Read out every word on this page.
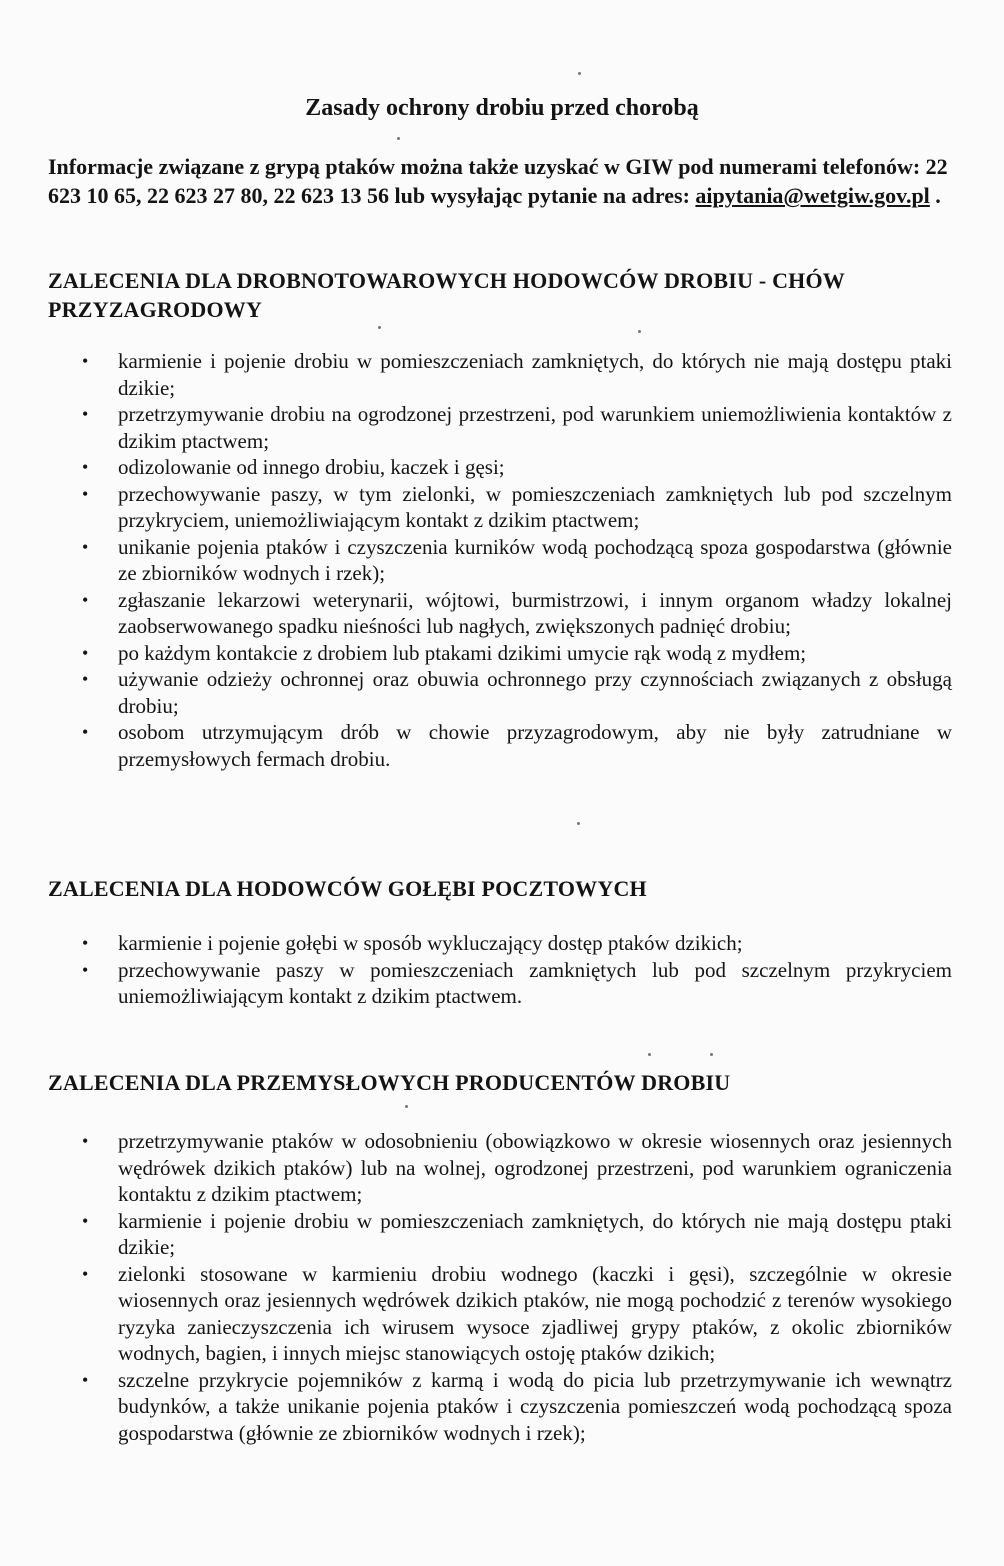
Zasady ochrony drobiu przed chorobą
Informacje związane z grypą ptaków można także uzyskać w GIW pod numerami telefonów: 22 623 10 65, 22 623 27 80, 22 623 13 56 lub wysyłając pytanie na adres: aipytania@wetgiw.gov.pl .
ZALECENIA DLA DROBNOTOWAROWYCH HODOWCÓW DROBIU - CHÓW PRZYZAGRODOWY
• karmienie i pojenie drobiu w pomieszczeniach zamkniętych, do których nie mają dostępu ptaki dzikie;
• przetrzymywanie drobiu na ogrodzonej przestrzeni, pod warunkiem uniemożliwienia kontaktów z dzikim ptactwem;
• odizolowanie od innego drobiu, kaczek i gęsi;
• przechowywanie paszy, w tym zielonki, w pomieszczeniach zamkniętych lub pod szczelnym przykryciem, uniemożliwiającym kontakt z dzikim ptactwem;
• unikanie pojenia ptaków i czyszczenia kurników wodą pochodzącą spoza gospodarstwa (głównie ze zbiorników wodnych i rzek);
• zgłaszanie lekarzowi weterynarii, wójtowi, burmistrzowi, i innym organom władzy lokalnej zaobserwowanego spadku nieśności lub nagłych, zwiększonych padnięć drobiu;
• po każdym kontakcie z drobiem lub ptakami dzikimi umycie rąk wodą z mydłem;
• używanie odzieży ochronnej oraz obuwia ochronnego przy czynnościach związanych z obsługą drobiu;
• osobom utrzymującym drób w chowie przyzagrodowym, aby nie były zatrudniane w przemysłowych fermach drobiu.
ZALECENIA DLA HODOWCÓW GOŁĘBI POCZTOWYCH
• karmienie i pojenie gołębi w sposób wykluczający dostęp ptaków dzikich;
• przechowywanie paszy w pomieszczeniach zamkniętych lub pod szczelnym przykryciem uniemożliwiającym kontakt z dzikim ptactwem.
ZALECENIA DLA PRZEMYSŁOWYCH PRODUCENTÓW DROBIU
• przetrzymywanie ptaków w odosobnieniu (obowiązkowo w okresie wiosennych oraz jesiennych wędrówek dzikich ptaków) lub na wolnej, ogrodzonej przestrzeni, pod warunkiem ograniczenia kontaktu z dzikim ptactwem;
• karmienie i pojenie drobiu w pomieszczeniach zamkniętych, do których nie mają dostępu ptaki dzikie;
• zielonki stosowane w karmieniu drobiu wodnego (kaczki i gęsi), szczególnie w okresie wiosennych oraz jesiennych wędrówek dzikich ptaków, nie mogą pochodzić z terenów wysokiego ryzyka zanieczyszczenia ich wirusem wysoce zjadliwej grypy ptaków, z okolic zbiorników wodnych, bagien, i innych miejsc stanowiących ostoję ptaków dzikich;
• szczelne przykrycie pojemników z karmą i wodą do picia lub przetrzymywanie ich wewnątrz budynków, a także unikanie pojenia ptaków i czyszczenia pomieszczeń wodą pochodzącą spoza gospodarstwa (głównie ze zbiorników wodnych i rzek);
